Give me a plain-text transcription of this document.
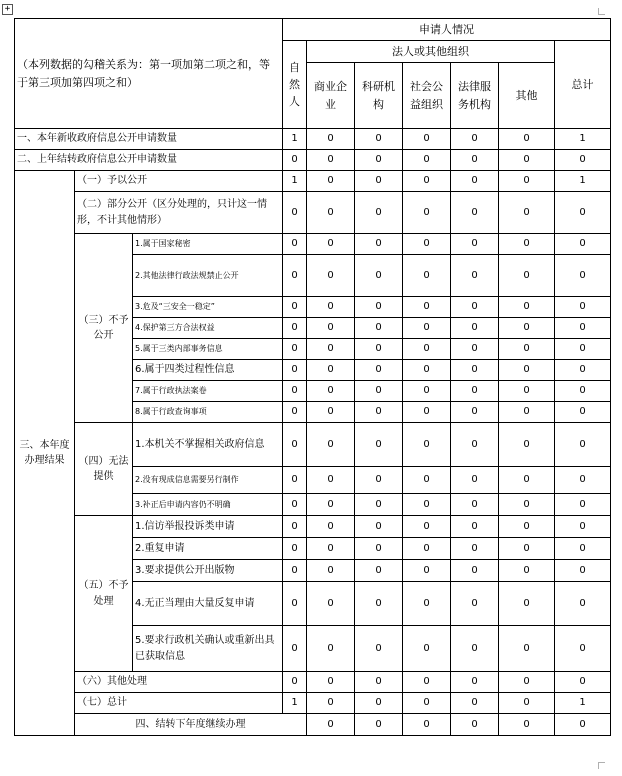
+
（本列数据的勾稽关系为：第一项加第二项之和，等于第三项加第四项之和）			申请人情况							
			自然人	法人或其他组织					总计	
				商业企业	科研机构	社会公益组织	法律服务机构	其他		
一、本年新收政府信息公开申请数量			1	0	0	0	0	0	1	
二、上年结转政府信息公开申请数量			0	0	0	0	0	0	0	
三、本年度办理结果	（一）予以公开		1	0	0	0	0	0	1	
	（二）部分公开（区分处理的，只计这一情形，不计其他情形）		0	0	0	0	0	0	0	
	（三）不予公开	1.属于国家秘密	0	0	0	0	0	0	0	
		2.其他法律行政法规禁止公开	0	0	0	0	0	0	0	
		3.危及“三安全一稳定”	0	0	0	0	0	0	0	
		4.保护第三方合法权益	0	0	0	0	0	0	0	
		5.属于三类内部事务信息	0	0	0	0	0	0	0	
		6.属于四类过程性信息	0	0	0	0	0	0	0	
		7.属于行政执法案卷	0	0	0	0	0	0	0	
		8.属于行政查询事项	0	0	0	0	0	0	0	
	（四）无法提供	1.本机关不掌握相关政府信息	0	0	0	0	0	0	0	
		2.没有现成信息需要另行制作	0	0	0	0	0	0	0	
		3.补正后申请内容仍不明确	0	0	0	0	0	0	0	
	（五）不予处理	1.信访举报投诉类申请	0	0	0	0	0	0	0	
		2.重复申请	0	0	0	0	0	0	0	
		3.要求提供公开出版物	0	0	0	0	0	0	0	
		4.无正当理由大量反复申请	0	0	0	0	0	0	0	
		5.要求行政机关确认或重新出具已获取信息	0	0	0	0	0	0	0	
	（六）其他处理		0	0	0	0	0	0	0	
	（七）总计		1	0	0	0	0	0	1	
	四、结转下年度继续办理			0	0	0	0	0	0	
